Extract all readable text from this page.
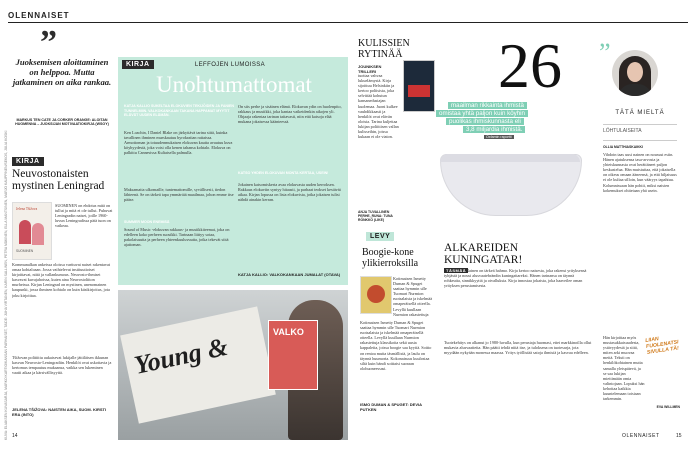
OLENNAISET
KUVA: ELIAKSEN KUVASARJA, MARKO KARTIO/KANSAN PARHAISET, TAIDE: JUHA VIRTANEN, KARIN SALLINEN, PETRA MÄKINEN, ELLA MANTSINEN, MARJO KAUPPINEN/SEKOS, JULIA KOSKI
”
Juoksemisen aloittaminen on helppoa. Mutta jatkaminen on aika rankaa.
MARKUS TEN CATE JA CORKER ORANGE: ALOITAN HUOMENNA – JUOKSIJAN MOTIVAATIOKIRJA (WSOY)
KIRJA
Neuvostonaisten mystinen Leningrad
Jelena Tšižova
SUOMINEN
SUOMINEN on ehdotus mitä on tullut ja mitä ei ole tullut. Puhuvat Leningradin naiset, joille 1960-luvun Leningradissa pätä tuon on vaikeaa.
Kommunalkan ankeissa oloissa varttuvat naiset rakentavat omaa kohtaloaan. Jossa vaihtelevat instituutioiset kirjoittavat, niitä ja vallankumous. Neuvosto-ihmiset kasvavat kuvajahoissa, kuten aina Neuvostoliiton murheissa. Kirjan Leningrad on mystinen, unenomainen kaupunki, jossa ihmisen kohtalo on kuin käsikirjoitus, jota joku kirjoittaa.
Tšižovan politiittu aukaisevat lukijalle jättiläisen ikkunan kasvun Neuvosto-Leningradiin. Henkilöt ovat uskottavia ja kertomus tempautuu mukaansa, vaikka sen lukeminen vaatii aikaa ja kärsivällisyyttä.
JELENA TŠIŽOVA: NAISTEN AIKA, SUOM. KIRSTI ERA (INTO)
KIRJA	LEFFOJEN LUMOISSA
Unohtumattomat
KATJA KALLIO SUKELTAA ELOKUVIEN TEKIJÖIDEN JA FANIEN TUNNELMIIN. VALKOKANKAAN TAKANA HAPPAMAT MYYTIT ELÄVÄT UUDEN ELÄMÄN.
Ken Loachin, I Daniel Blake on järkyttävä tarina siitä, kuinka tavallinen ihminen murskautuu byrokratian rattaissa. Armottoman ja totuudenmukaisen elokuvan kautta avautuu kuva köyhyydestä, joka voisi olla kenen tahansa kohtalo. Elokuva on palkittu Cannesissa Kultaisella palmulla.
Maksamatta ulkomaille, tuntemattomille, syvällisesti, tiedon lähteenä. Se on tärkeä tapa ymmärtää maailmaa, johon emme itse pääse.
SUMMER MOON ENEMISÄ
Sound of Music -elokuvan rakkaus- ja musiikkiteemat, joka on edelleen koko perheen suosikki. Tarinaan liittyy sotaa, pakolaisuutta ja perheen yhteenkuuluvuutta, jotka tekevät siitä ajattoman.
On siis perhe ja sisäinen elämä. Elokuvan ydin on huolenpito, rakkaus ja musiikki, joka kantaa vaikeidenkin aikojen yli. Ohjaaja rakentaa tarinan taitavasti, niin että katsoja elää mukana jokaisessa käänteessä.
KATSO YHDEN ELOKUVAN MONTA KERTAA, USEIN!
Jokainen katsomiskerta avaa elokuvasta uuden kerroksen. Rakkaus elokuviin syntyy hitaasti, ja parhaat teokset kestävät aikaa. Kirjan lopussa on lista elokuvista, jotka jokaisen tulisi nähdä ainakin kerran.
KATJA KALLIO: VALKOKANKAAN JUMALAT (OTAVA)
Young &	VALKO
KULISSIEN RYTINÄÄ
JOUNIKSEN TRILLERI
tuottaa vahvaa lukuelämystä. Kirja sijoittuu Helsinkiin ja kertoo poliisista, joka selvittää kohutun kansanedustajan kuolemaa. Juoni kulkee vauhdikkaasti ja henkilöt ovat elävän oloisia. Tarina kuljettaa lukijan poliittisen vallan kulisseihin, joissa kukaan ei ole viaton.
ANJA TUVALLINEN PERHE, RUNA: TUNA RÖNKKÖ (LIKE)
26
maailman rikkainta ihmistä
omistaa yhtä paljon kuin köyhin
puolikas ihmiskunnasta eli
3,8 miljardia ihmistä.
Oxfamin raportti
LEVY
Boogie-kone ylikierroksilla
Kotimaisen Ismetty Duman & Spuget saattaa hymmin ulle Tuomari Nurmion ruotsalaista ja iskelmää omaperäisellä otteella. Levyllä kuullaan Nurmion rakastettuja
Kotimaisen Ismetty Duman & Spuget saattaa hymmin ulle Tuomari Nurmion ruotsalaista ja iskelmää omaperäisellä otteella. Levyllä kuullaan Nurmion rakastettuja klassikoita sekä uusia kappaleita, joissa boogie saa kyytiä. Soitto on rentoa mutta täsmällistä, ja laulu on täynnä huumoria. Kokonaisuus kuulostaa siltä kuin bändi soittaisi suoraan olohuoneessasi.
ISMO DUMAN & SPUGET: DEVIA PUTKEN
ALKAREIDEN KUNINGATAR!
TÄSMÄÄ Nainen on tärkeä hahmo. Kirja kertoo naisesta, joka rakensi yrityksensä tyhjästä ja nousi alusvaatebrändin kuningattareksi. Hänen tarinansa on täynnä rohkeutta, sinnikkyyttä ja oivalluksia. Kirja innostaa jokaista, joka haaveilee oman yrityksen perustamisesta.
Tuotekehitys on alkanut jo 1980-luvulla, kun perustaja huomasi, ettei markkinoilla ollut mukavia alusvaatteita. Hän päätti tehdä niitä itse, ja tuloksena on tuotesarja, jota myydään nykyään monessa maassa. Yritys työllistää satoja ihmisiä ja kasvaa edelleen.
”
TÄTÄ MIELTÄ
LÖHTULAISEITA
OLLIA MATTHIASKAIKKI
Vihdoin taas uusi nainen on noussut esiin. Hänen ajatuksensa tasa-arvosta ja yhteiskunnasta ovat herättäneet paljon keskustelua. Hän muistuttaa, että jokaisella on oikeus omaan ääneensä, ja että hiljaisuus ei ole kultaa silloin, kun vääryys tapahtuu. Kolumnissaan hän pohtii, miksi naisten kokemukset ohitetaan yhä usein.
LIIAN FUOLENATSI SIVULLA TÄ!
Hän kirjoittaa myös mustasukkaisuudesta, ystävyydestä ja siitä, miten arki muovaa meitä. Teksti on henkilökohtainen mutta samalla yleispätevä, ja se saa lukijan miettimään omia valintojaan. Lopuksi hän kehottaa kaikkia kuuntelemaan toisiaan tarkemmin.
EVA WILLMEN
14	OLENNAISET	15
